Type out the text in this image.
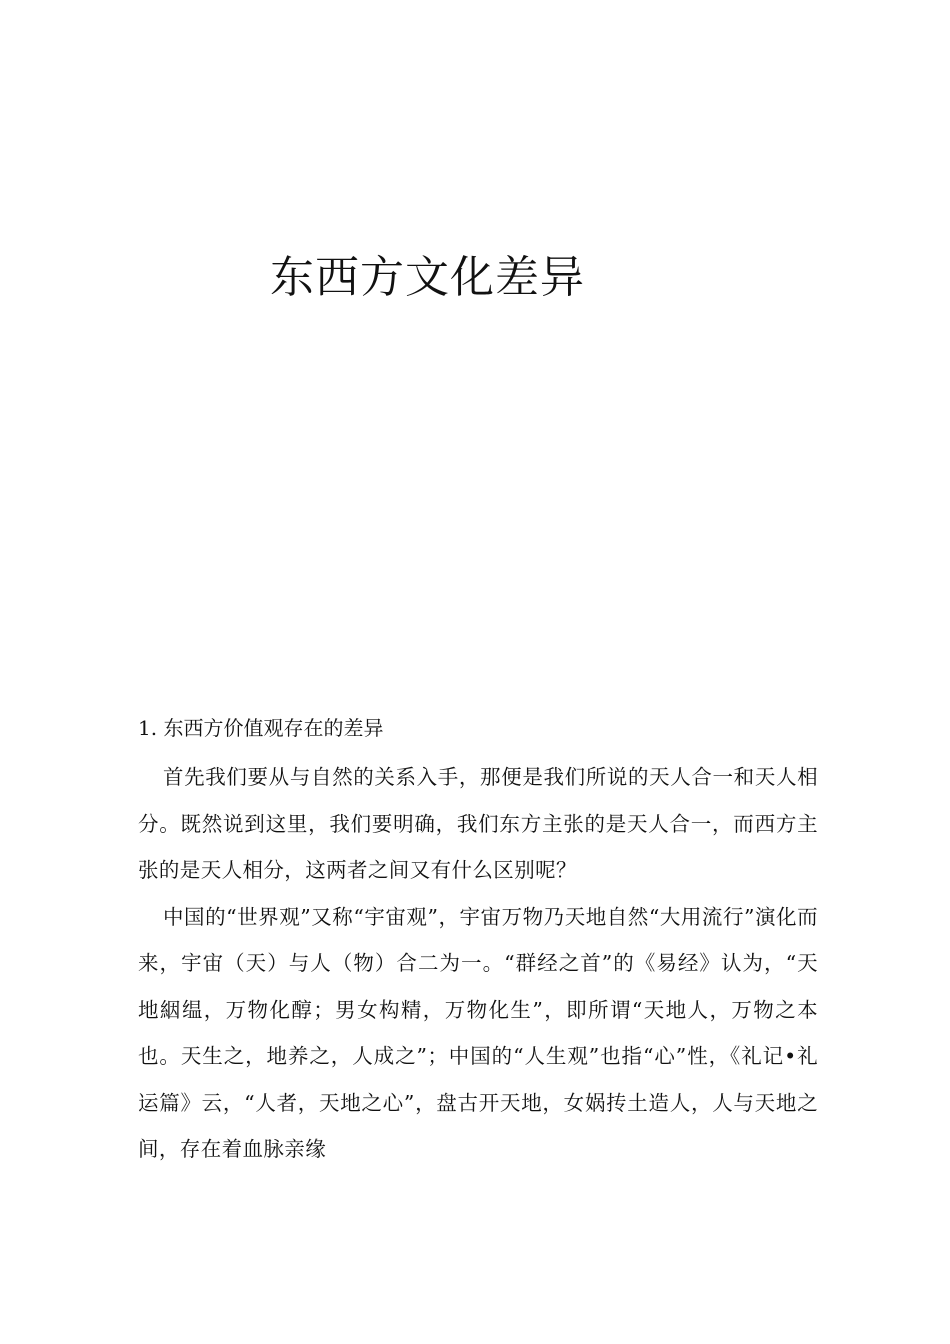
东西方文化差异
1. 东西方价值观存在的差异

首先我们要从与自然的关系入手，那便是我们所说的天人合一和天人相分。既然说到这里，我们要明确，我们东方主张的是天人合一，而西方主张的是天人相分，这两者之间又有什么区别呢？

中国的“世界观”又称“宇宙观”，宇宙万物乃天地自然“大用流行”演化而来，宇宙（天）与人（物）合二为一。“群经之首”的《易经》认为，“天地絪缊，万物化醇；男女构精，万物化生”，即所谓“天地人，万物之本也。天生之，地养之，人成之”；中国的“人生观”也指“心”性，《礼记•礼运篇》云，“人者，天地之心”，盘古开天地，女娲抟土造人，人与天地之间，存在着血脉亲缘
